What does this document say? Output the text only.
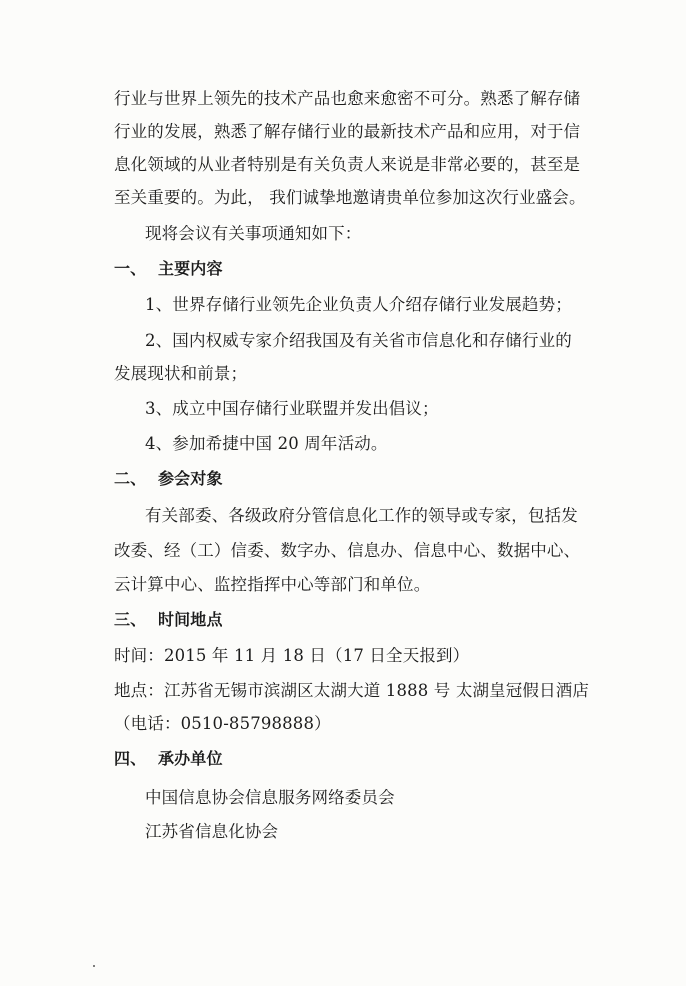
行业与世界上领先的技术产品也愈来愈密不可分。熟悉了解存储
行业的发展，熟悉了解存储行业的最新技术产品和应用，对于信
息化领域的从业者特别是有关负责人来说是非常必要的，甚至是
至关重要的。为此， 我们诚挚地邀请贵单位参加这次行业盛会。
现将会议有关事项通知如下：
一、 主要内容
1、世界存储行业领先企业负责人介绍存储行业发展趋势；
2、国内权威专家介绍我国及有关省市信息化和存储行业的
发展现状和前景；
3、成立中国存储行业联盟并发出倡议；
4、参加希捷中国 20 周年活动。
二、 参会对象
有关部委、各级政府分管信息化工作的领导或专家，包括发
改委、经（工）信委、数字办、信息办、信息中心、数据中心、
云计算中心、监控指挥中心等部门和单位。
三、 时间地点
时间：2015 年 11 月 18 日（17 日全天报到）
地点：江苏省无锡市滨湖区太湖大道 1888 号 太湖皇冠假日酒店
（电话：0510-85798888）
四、 承办单位
中国信息协会信息服务网络委员会
江苏省信息化协会
